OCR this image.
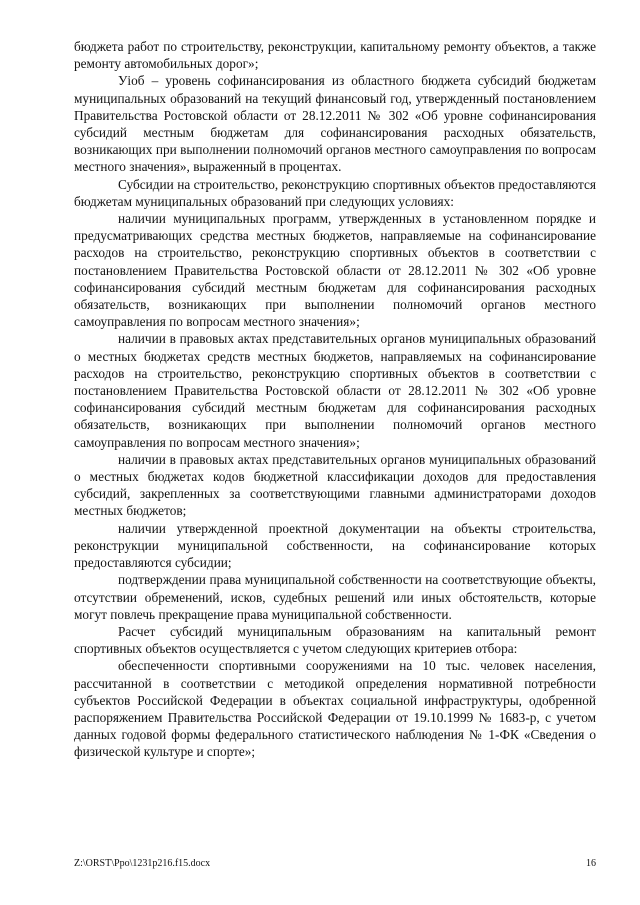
бюджета работ по строительству, реконструкции, капитальному ремонту объектов, а также ремонту автомобильных дорог»;

Уіоб – уровень софинансирования из областного бюджета субсидий бюджетам муниципальных образований на текущий финансовый год, утвержденный постановлением Правительства Ростовской области от 28.12.2011 № 302 «Об уровне софинансирования субсидий местным бюджетам для софинансирования расходных обязательств, возникающих при выполнении полномочий органов местного самоуправления по вопросам местного значения», выраженный в процентах.

Субсидии на строительство, реконструкцию спортивных объектов предоставляются бюджетам муниципальных образований при следующих условиях:

наличии муниципальных программ, утвержденных в установленном порядке и предусматривающих средства местных бюджетов, направляемые на софинансирование расходов на строительство, реконструкцию спортивных объектов в соответствии с постановлением Правительства Ростовской области от 28.12.2011 № 302 «Об уровне софинансирования субсидий местным бюджетам для софинансирования расходных обязательств, возникающих при выполнении полномочий органов местного самоуправления по вопросам местного значения»;

наличии в правовых актах представительных органов муниципальных образований о местных бюджетах средств местных бюджетов, направляемых на софинансирование расходов на строительство, реконструкцию спортивных объектов в соответствии с постановлением Правительства Ростовской области от 28.12.2011 № 302 «Об уровне софинансирования субсидий местным бюджетам для софинансирования расходных обязательств, возникающих при выполнении полномочий органов местного самоуправления по вопросам местного значения»;

наличии в правовых актах представительных органов муниципальных образований о местных бюджетах кодов бюджетной классификации доходов для предоставления субсидий, закрепленных за соответствующими главными администраторами доходов местных бюджетов;

наличии утвержденной проектной документации на объекты строительства, реконструкции муниципальной собственности, на софинансирование которых предоставляются субсидии;

подтверждении права муниципальной собственности на соответствующие объекты, отсутствии обременений, исков, судебных решений или иных обстоятельств, которые могут повлечь прекращение права муниципальной собственности.

Расчет субсидий муниципальным образованиям на капитальный ремонт спортивных объектов осуществляется с учетом следующих критериев отбора:

обеспеченности спортивными сооружениями на 10 тыс. человек населения, рассчитанной в соответствии с методикой определения нормативной потребности субъектов Российской Федерации в объектах социальной инфраструктуры, одобренной распоряжением Правительства Российской Федерации от 19.10.1999 № 1683-р, с учетом данных годовой формы федерального статистического наблюдения № 1-ФК «Сведения о физической культуре и спорте»;

Z:\ORST\Ppo\1231p216.f15.docx	16
